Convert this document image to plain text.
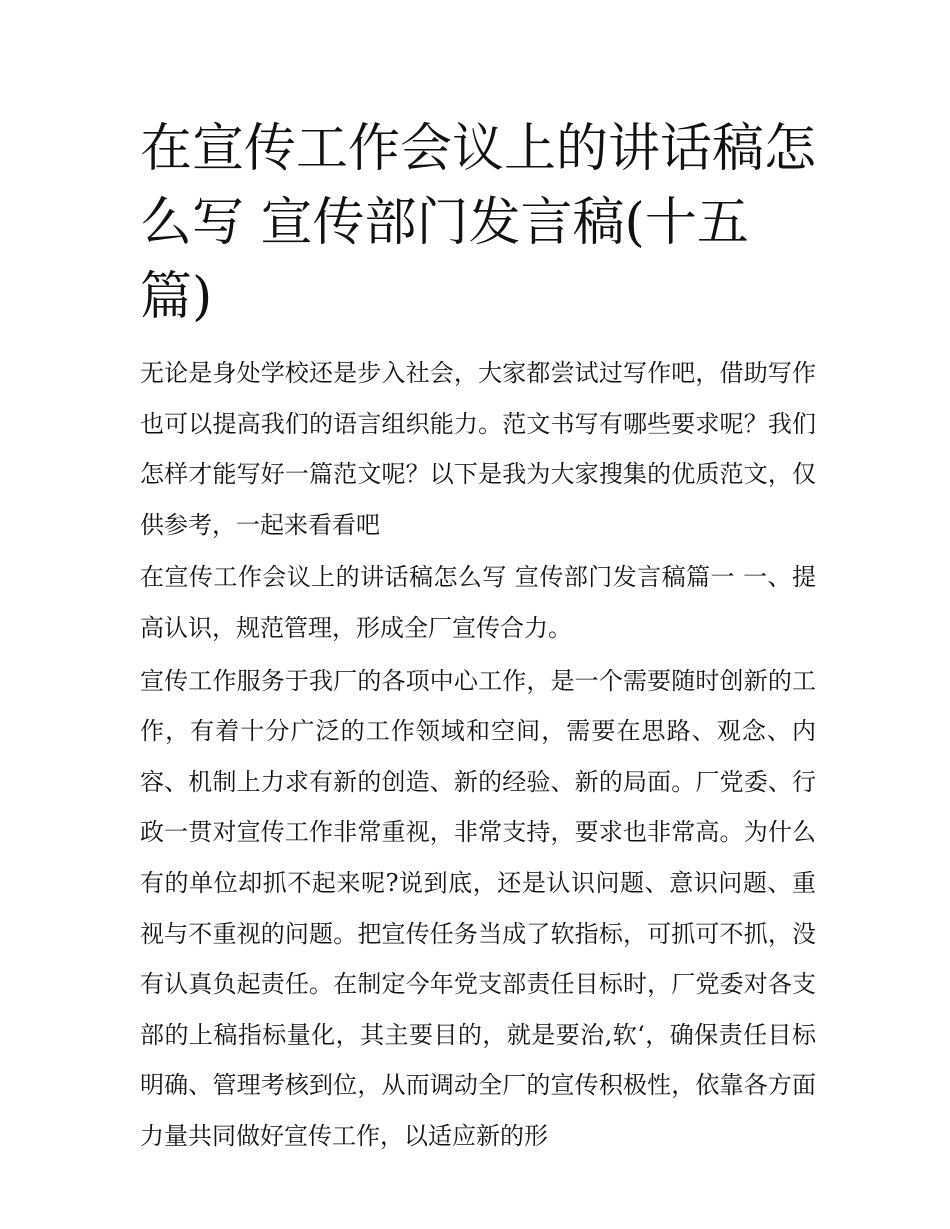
在宣传工作会议上的讲话稿怎么写 宣传部门发言稿(十五篇)

无论是身处学校还是步入社会，大家都尝试过写作吧，借助写作也可以提高我们的语言组织能力。范文书写有哪些要求呢？我们怎样才能写好一篇范文呢？以下是我为大家搜集的优质范文，仅供参考，一起来看看吧

在宣传工作会议上的讲话稿怎么写 宣传部门发言稿篇一 一、提高认识，规范管理，形成全厂宣传合力。

宣传工作服务于我厂的各项中心工作，是一个需要随时创新的工作，有着十分广泛的工作领域和空间，需要在思路、观念、内容、机制上力求有新的创造、新的经验、新的局面。厂党委、行政一贯对宣传工作非常重视，非常支持，要求也非常高。为什么有的单位却抓不起来呢?说到底，还是认识问题、意识问题、重视与不重视的问题。把宣传任务当成了软指标，可抓可不抓，没有认真负起责任。在制定今年党支部责任目标时，厂党委对各支部的上稿指标量化，其主要目的，就是要治,软‘，确保责任目标明确、管理考核到位，从而调动全厂的宣传积极性，依靠各方面力量共同做好宣传工作，以适应新的形
